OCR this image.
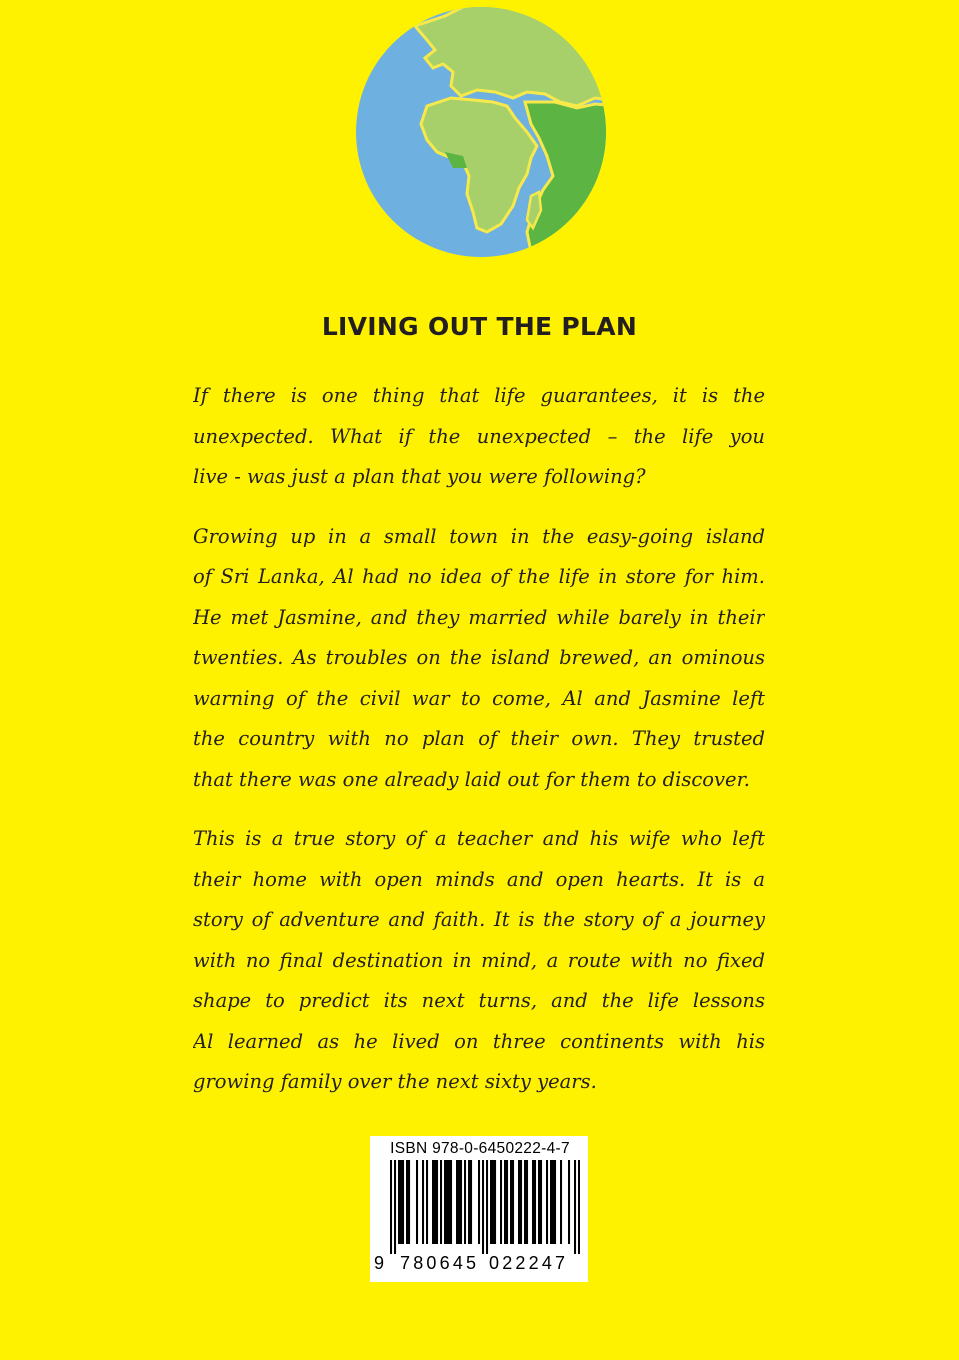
LIVING OUT THE PLAN

If there is one thing that life guarantees, it is the
unexpected. What if the unexpected – the life you
live - was just a plan that you were following?

Growing up in a small town in the easy-going island
of Sri Lanka, Al had no idea of the life in store for him.
He met Jasmine, and they married while barely in their
twenties. As troubles on the island brewed, an ominous
warning of the civil war to come, Al and Jasmine left
the country with no plan of their own. They trusted
that there was one already laid out for them to discover.

This is a true story of a teacher and his wife who left
their home with open minds and open hearts. It is a
story of adventure and faith. It is the story of a journey
with no final destination in mind, a route with no fixed
shape to predict its next turns, and the life lessons
Al learned as he lived on three continents with his
growing family over the next sixty years.

ISBN 978-0-6450222-4-7
9 780645 022247
